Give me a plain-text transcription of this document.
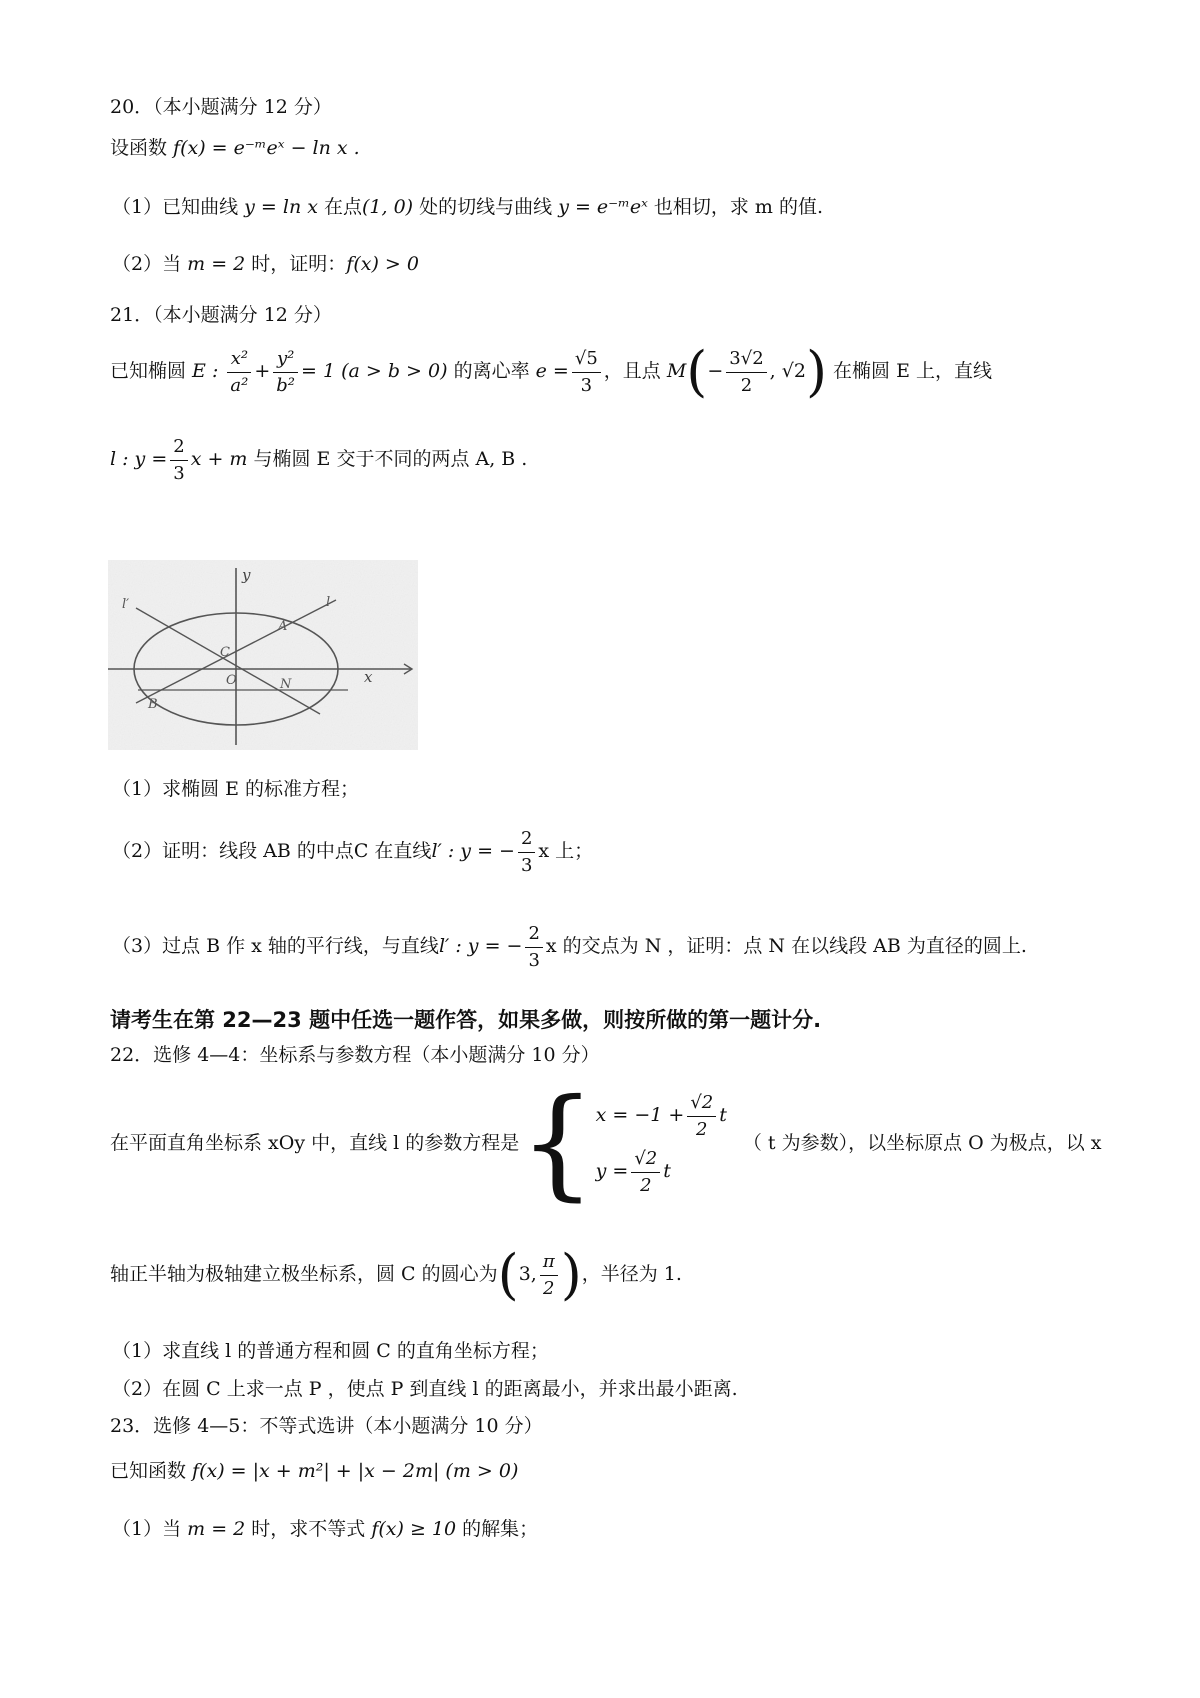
20．（本小题满分 12 分）
设函数 f(x) = e⁻ᵐeˣ − ln x .
（1）已知曲线 y = ln x 在点(1, 0) 处的切线与曲线 y = e⁻ᵐeˣ 也相切，求 m 的值.
（2）当 m = 2 时，证明：f(x) > 0
21．（本小题满分 12 分）
已知椭圆 E : $\frac{\text{x²}}{\text{a²}} + \frac{\text{y²}}{\text{b²}} = 1$ (a > b > 0) 的离心率 $e = \frac{√5}{3}$ ，且点 $M(- \frac{3√2}{2}$ , √2) 在椭圆 E 上，直线
l : $y = \frac{2}{3}$ x + m 与椭圆 E 交于不同的两点 A, B .
y
x
l′	l
A
B
C
O	N
（1）求椭圆 E 的标准方程；
（2）证明：线段 AB 的中点C 在直线l′ : y = − $\frac{2}{3}$ x 上；
（3）过点 B 作 x 轴的平行线，与直线l′ : y = − $\frac{2}{3}$ x 的交点为 N ，证明：点 N 在以线段 AB 为直径的圆上.
请考生在第 22—23 题中任选一题作答，如果多做，则按所做的第一题计分.
22．选修 4—4：坐标系与参数方程（本小题满分 10 分）
在平面直角坐标系 xOy 中，直线 l 的参数方程是{ $x = -1 + \frac{√2}{2}$ t
$y = \frac{√2}{2}$ t
（ t 为参数），以坐标原点 O 为极点，以 x
轴正半轴为极轴建立极坐标系，圆 C 的圆心为(3, $\frac{\pi}{2}$ )，半径为 1.
（1）求直线 l 的普通方程和圆 C 的直角坐标方程；
（2）在圆 C 上求一点 P ，使点 P 到直线 l 的距离最小，并求出最小距离.
23．选修 4—5：不等式选讲（本小题满分 10 分）
已知函数 f(x) = |x + m²| + |x − 2m| (m > 0)
（1）当 m = 2 时，求不等式 f(x) ≥ 10 的解集；
